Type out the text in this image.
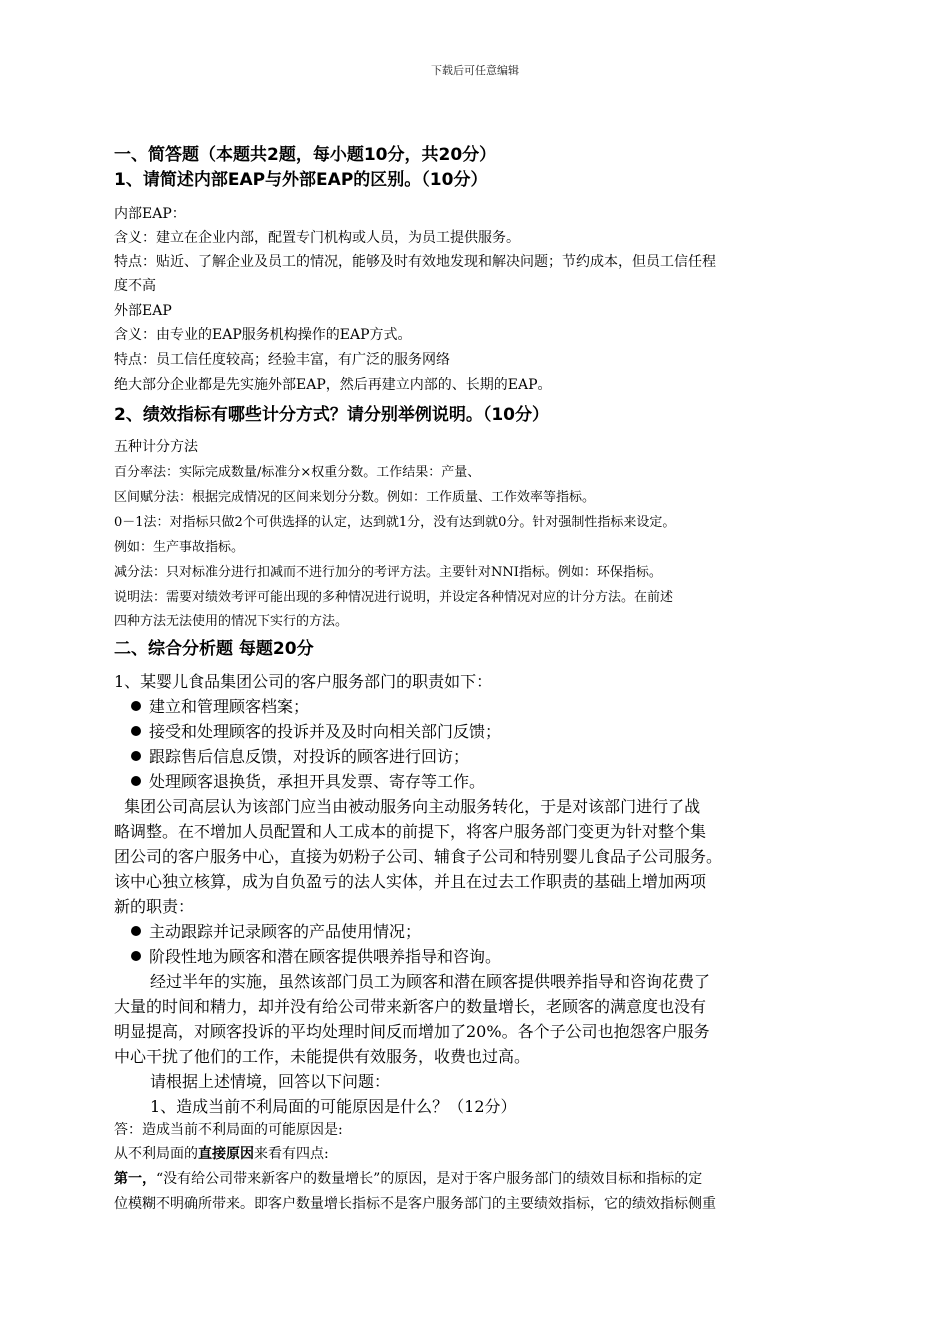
下载后可任意编辑
一、简答题（本题共2题，每小题10分，共20分）
1、请简述内部EAP与外部EAP的区别。（10分）
内部EAP：
含义：建立在企业内部，配置专门机构或人员，为员工提供服务。
特点：贴近、了解企业及员工的情况，能够及时有效地发现和解决问题；节约成本，但员工信任程
度不高
外部EAP
含义：由专业的EAP服务机构操作的EAP方式。
特点：员工信任度较高；经验丰富，有广泛的服务网络
绝大部分企业都是先实施外部EAP，然后再建立内部的、长期的EAP。
2、绩效指标有哪些计分方式？请分别举例说明。（10分）
五种计分方法
百分率法：实际完成数量/标准分×权重分数。工作结果：产量、
区间赋分法：根据完成情况的区间来划分分数。例如：工作质量、工作效率等指标。
0－1法：对指标只做2个可供选择的认定，达到就1分，没有达到就0分。针对强制性指标来设定。
例如：生产事故指标。
减分法：只对标准分进行扣减而不进行加分的考评方法。主要针对NNI指标。例如：环保指标。
说明法：需要对绩效考评可能出现的多种情况进行说明，并设定各种情况对应的计分方法。在前述
四种方法无法使用的情况下实行的方法。
二、综合分析题 每题20分
1、某婴儿食品集团公司的客户服务部门的职责如下：
建立和管理顾客档案；
接受和处理顾客的投诉并及及时向相关部门反馈；
跟踪售后信息反馈，对投诉的顾客进行回访；
处理顾客退换货，承担开具发票、寄存等工作。
集团公司高层认为该部门应当由被动服务向主动服务转化，于是对该部门进行了战
略调整。在不增加人员配置和人工成本的前提下，将客户服务部门变更为针对整个集
团公司的客户服务中心，直接为奶粉子公司、辅食子公司和特别婴儿食品子公司服务。
该中心独立核算，成为自负盈亏的法人实体，并且在过去工作职责的基础上增加两项
新的职责：
主动跟踪并记录顾客的产品使用情况；
阶段性地为顾客和潜在顾客提供喂养指导和咨询。
经过半年的实施，虽然该部门员工为顾客和潜在顾客提供喂养指导和咨询花费了
大量的时间和精力，却并没有给公司带来新客户的数量增长，老顾客的满意度也没有
明显提高，对顾客投诉的平均处理时间反而增加了20%。各个子公司也抱怨客户服务
中心干扰了他们的工作，未能提供有效服务，收费也过高。
请根据上述情境，回答以下问题：
1、造成当前不利局面的可能原因是什么？（12分）
答：造成当前不利局面的可能原因是:
从不利局面的直接原因来看有四点:
第一，“没有给公司带来新客户的数量增长”的原因，是对于客户服务部门的绩效目标和指标的定
位模糊不明确所带来。即客户数量增长指标不是客户服务部门的主要绩效指标，它的绩效指标侧重
